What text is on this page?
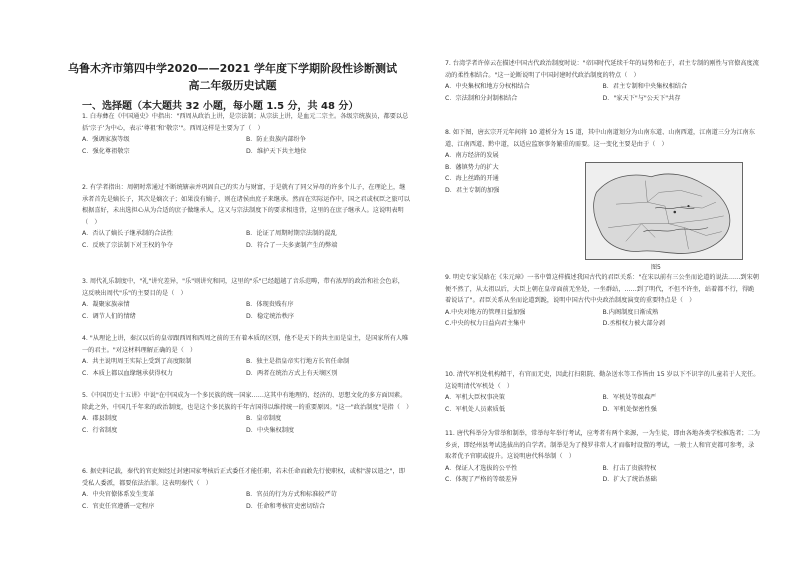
乌鲁木齐市第四中学2020——2021 学年度下学期阶段性诊断测试
高二年级历史试题
一、选择题（本大题共 32 小题，每小题 1.5 分，共 48 分）

1. 白寿彝在《中国通史》中指出："西周从政治上讲，是宗法制；从宗法上讲，是血元二宗主。各级宗统族员，都要以总括‘宗子’为中心，表示‘尊祖’和‘敬宗’"。西周这样是主要为了（　）

A．强调家族等级	B．防止贵族内部纷争
C．强化尊祖敬宗	D．维护天下共主地位

2. 有学者指出：周朝时常通过不断统辖亲并巩固自己的实力与财富，于是就有了同父异母的许多个儿子，在理论上，继承者首先是嫡长子，其次是嫡次子；如果没有嫡子，则在诸侯由庶子来继承。然而在实际运作中，国之君或权臣之旅可以根据喜好，未出选担心从为合适的庶子做继承人，这又与宗法制度下的要求相违背，这里的在庶子继承人。这说明表明（　）

A．否认了嫡长子继承制的合法性	B．论证了周期时期宗法制的混乱
C．反映了宗法制下对王权的争夺	D．符合了一夫多妻制产生的弊端

3. 周代礼乐制度中，"礼"讲究差异，"乐"则讲究和同，这里的"乐"已经超越了音乐范畴，带有浓厚的政治和社会色彩，这反映出周代"乐"的主要目的是（　）

A．凝聚家族亲情	B．体现贵贱有序
C．调节人们的情绪	D．稳定统治秩序

4. "从理论上讲，秦汉以后的皇帝跟西周和西周之前的王有着本质的区别，他不是天下的共主而是皇主，是国家所有人唯一的君主。"对这材料理解正确的是（　）

A．共主说明周王实际上受到了高度限制	B．独主是指皇帝实行地方长官任命制
C．本质上都以血缘继承获得权力	D．两者在统治方式上有天壤区别

5.《中国历史十五讲》中说"在中国成为一个多民族的统一国家……这其中有地理的、经济的、思想文化的多方面因素。除此之外，中国几千年来的政治制度，也是这个多民族的千年古国得以维持统一的重要原因。"这一"政治制度"是指（　）

A．郡县制度	B．皇帝制度
C．行省制度	D．中央集权制度

6. 据史料记载，秦代的官吏须经过封建国家考核后正式委任才能任职，若未任命而敢先行使职权，或相"游以遣之"，即受私人委派，都要依法治罪。这表明秦代（　）

A．中央官僚体系发生变革	B．官员的行为方式和标准较严苛
C．官吏任官遵循一定程序	D．任命和考核官吏密切结合

7. 台湾学者许倬云在描述中国古代政治制度时说："帝国时代延续千年的局势和在于，君主专制的刚性与官僚高度流动的柔性相结合。"这一论断说明了中国封建时代政治制度的特点（　）

A．中央集权和地方分权相结合	B．君主专制和中央集权相结合
C．宗法制和分封制相结合	D．"家天下"与"公天下"共存

8. 如下图，唐玄宗开元年间将 10 道析分为 15 道，其中山南道划分为山南东道、山南西道，江南道三分为江南东道、江南西道、黔中道，以适应监察事务繁重的需要。这一变化主要是由于（　）

A．南方经济的发展
B．藩镇势力的扩大
C．海上丝路的开通
D．君主专制的加强
图5

9. 明史专家吴晗在《朱元璋》一书中曾这样描述我国古代的君臣关系："在宋以前有三公坐而论道的说法……到宋朝便不然了，从太祖以后，大臣上朝在皇帝面前无坐处，一坐群站，……到了明代，不但不许坐，站着都不行，得跪着说话了"。君臣关系从坐而论道到跪，说明中国古代中央政治制度演变的重要特点是（　）

A.中央对地方的管理日益加强	B.内阁制度日渐成熟
C.中央的权力日益向君主集中	D.丞相权力被大部分剥

10. 清代军机处机构精干，有官而无吏，因此打扫阻院、勤杂送水等工作皆由 15 岁以下不识字的儿童若于人充任。这说明清代军机处（　）

A．军机大臣权事决策	B．军机处等级森严
C．军机处人员素质低	D．军机处保密性强

11. 唐代科举分为常举和制举，常举每年举行考试，应考者有两个来源，一为生徒，即由各地各类学校推选者；二为乡贡，即经州县考试选拔出的自学者。制举是为了搜罗非常人才而临时设置的考试，一般士人和官吏都可参考，录取者优予官职或提升。这说明唐代科举制（　）

A．保证人才选拔的公平性	B．打击了贵族特权
C．体现了严格的等级差异	D．扩大了统治基础
